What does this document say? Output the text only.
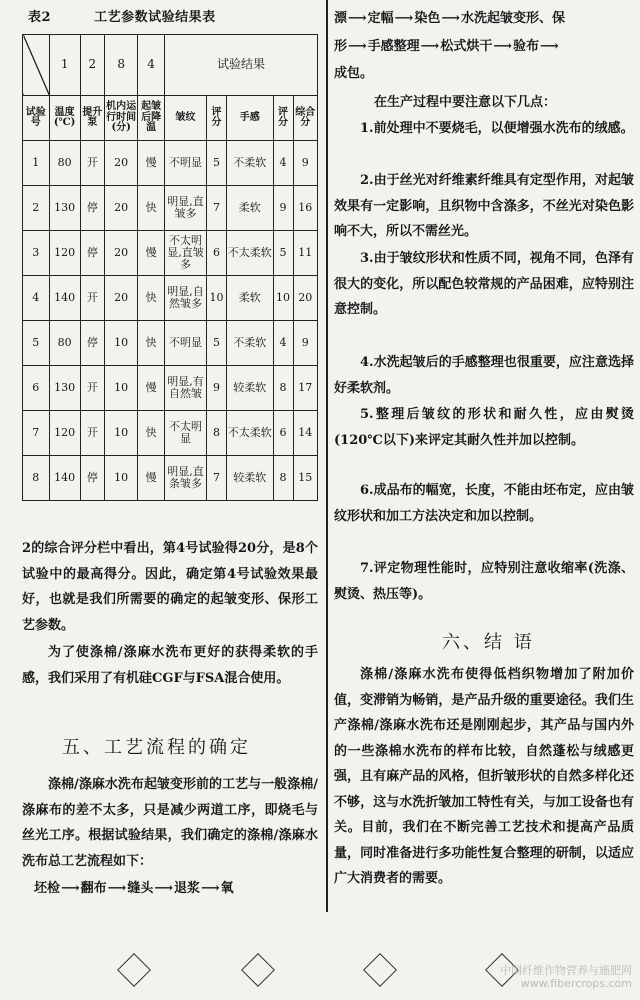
表2	工艺参数试验结果表
	1	2	8	4	试验结果				
试验号	温度(℃)	提升泵	机内运行时间(分)	起皱后降温	皱纹	评分	手感	评分	综合分
1	80	开	20	慢	不明显	5	不柔软	4	9
2	130	停	20	快	明显,直皱多	7	柔软	9	16
3	120	停	20	慢	不太明显,直皱多	6	不太柔软	5	11
4	140	开	20	快	明显,自然皱多	10	柔软	10	20
5	80	停	10	快	不明显	5	不柔软	4	9
6	130	开	10	慢	明显,有自然皱	9	较柔软	8	17
7	120	开	10	快	不太明显	8	不太柔软	6	14
8	140	停	10	慢	明显,直条皱多	7	较柔软	8	15
2的综合评分栏中看出，第4号试验得20分，是8个试验中的最高得分。因此，确定第4号试验效果最好，也就是我们所需要的确定的起皱变形、保形工艺参数。
为了使涤棉/涤麻水洗布更好的获得柔软的手感，我们采用了有机硅CGF与FSA混合使用。
五、工艺流程的确定
涤棉/涤麻水洗布起皱变形前的工艺与一般涤棉/涤麻布的差不太多，只是减少两道工序，即烧毛与丝光工序。根据试验结果，我们确定的涤棉/涤麻水洗布总工艺流程如下：
坯检⟶翻布⟶缝头⟶退浆⟶氧
漂⟶定幅⟶染色⟶水洗起皱变形、保
形⟶手感整理⟶松式烘干⟶验布⟶
成包。
在生产过程中要注意以下几点：
1.前处理中不要烧毛，以便增强水洗布的绒感。
2.由于丝光对纤维素纤维具有定型作用，对起皱效果有一定影响，且织物中含涤多，不丝光对染色影响不大，所以不需丝光。
3.由于皱纹形状和性质不同，视角不同，色泽有很大的变化，所以配色较常规的产品困难，应特别注意控制。
4.水洗起皱后的手感整理也很重要，应注意选择好柔软剂。
5.整理后皱纹的形状和耐久性，应由熨烫(120℃以下)来评定其耐久性并加以控制。
6.成品布的幅宽，长度，不能由坯布定，应由皱纹形状和加工方法决定和加以控制。
7.评定物理性能时，应特别注意收缩率(洗涤、熨烫、热压等)。
六、结 语
涤棉/涤麻水洗布使得低档织物增加了附加价值，变滞销为畅销，是产品升级的重要途径。我们生产涤棉/涤麻水洗布还是刚刚起步，其产品与国内外的一些涤棉水洗布的样布比较，自然蓬松与绒感更强，且有麻产品的风格，但折皱形状的自然多样化还不够，这与水洗折皱加工特性有关，与加工设备也有关。目前，我们在不断完善工艺技术和提高产品质量，同时准备进行多功能性复合整理的研制，以适应广大消费者的需要。
中国纤维作物营养与施肥网
www.fibercrops.com
